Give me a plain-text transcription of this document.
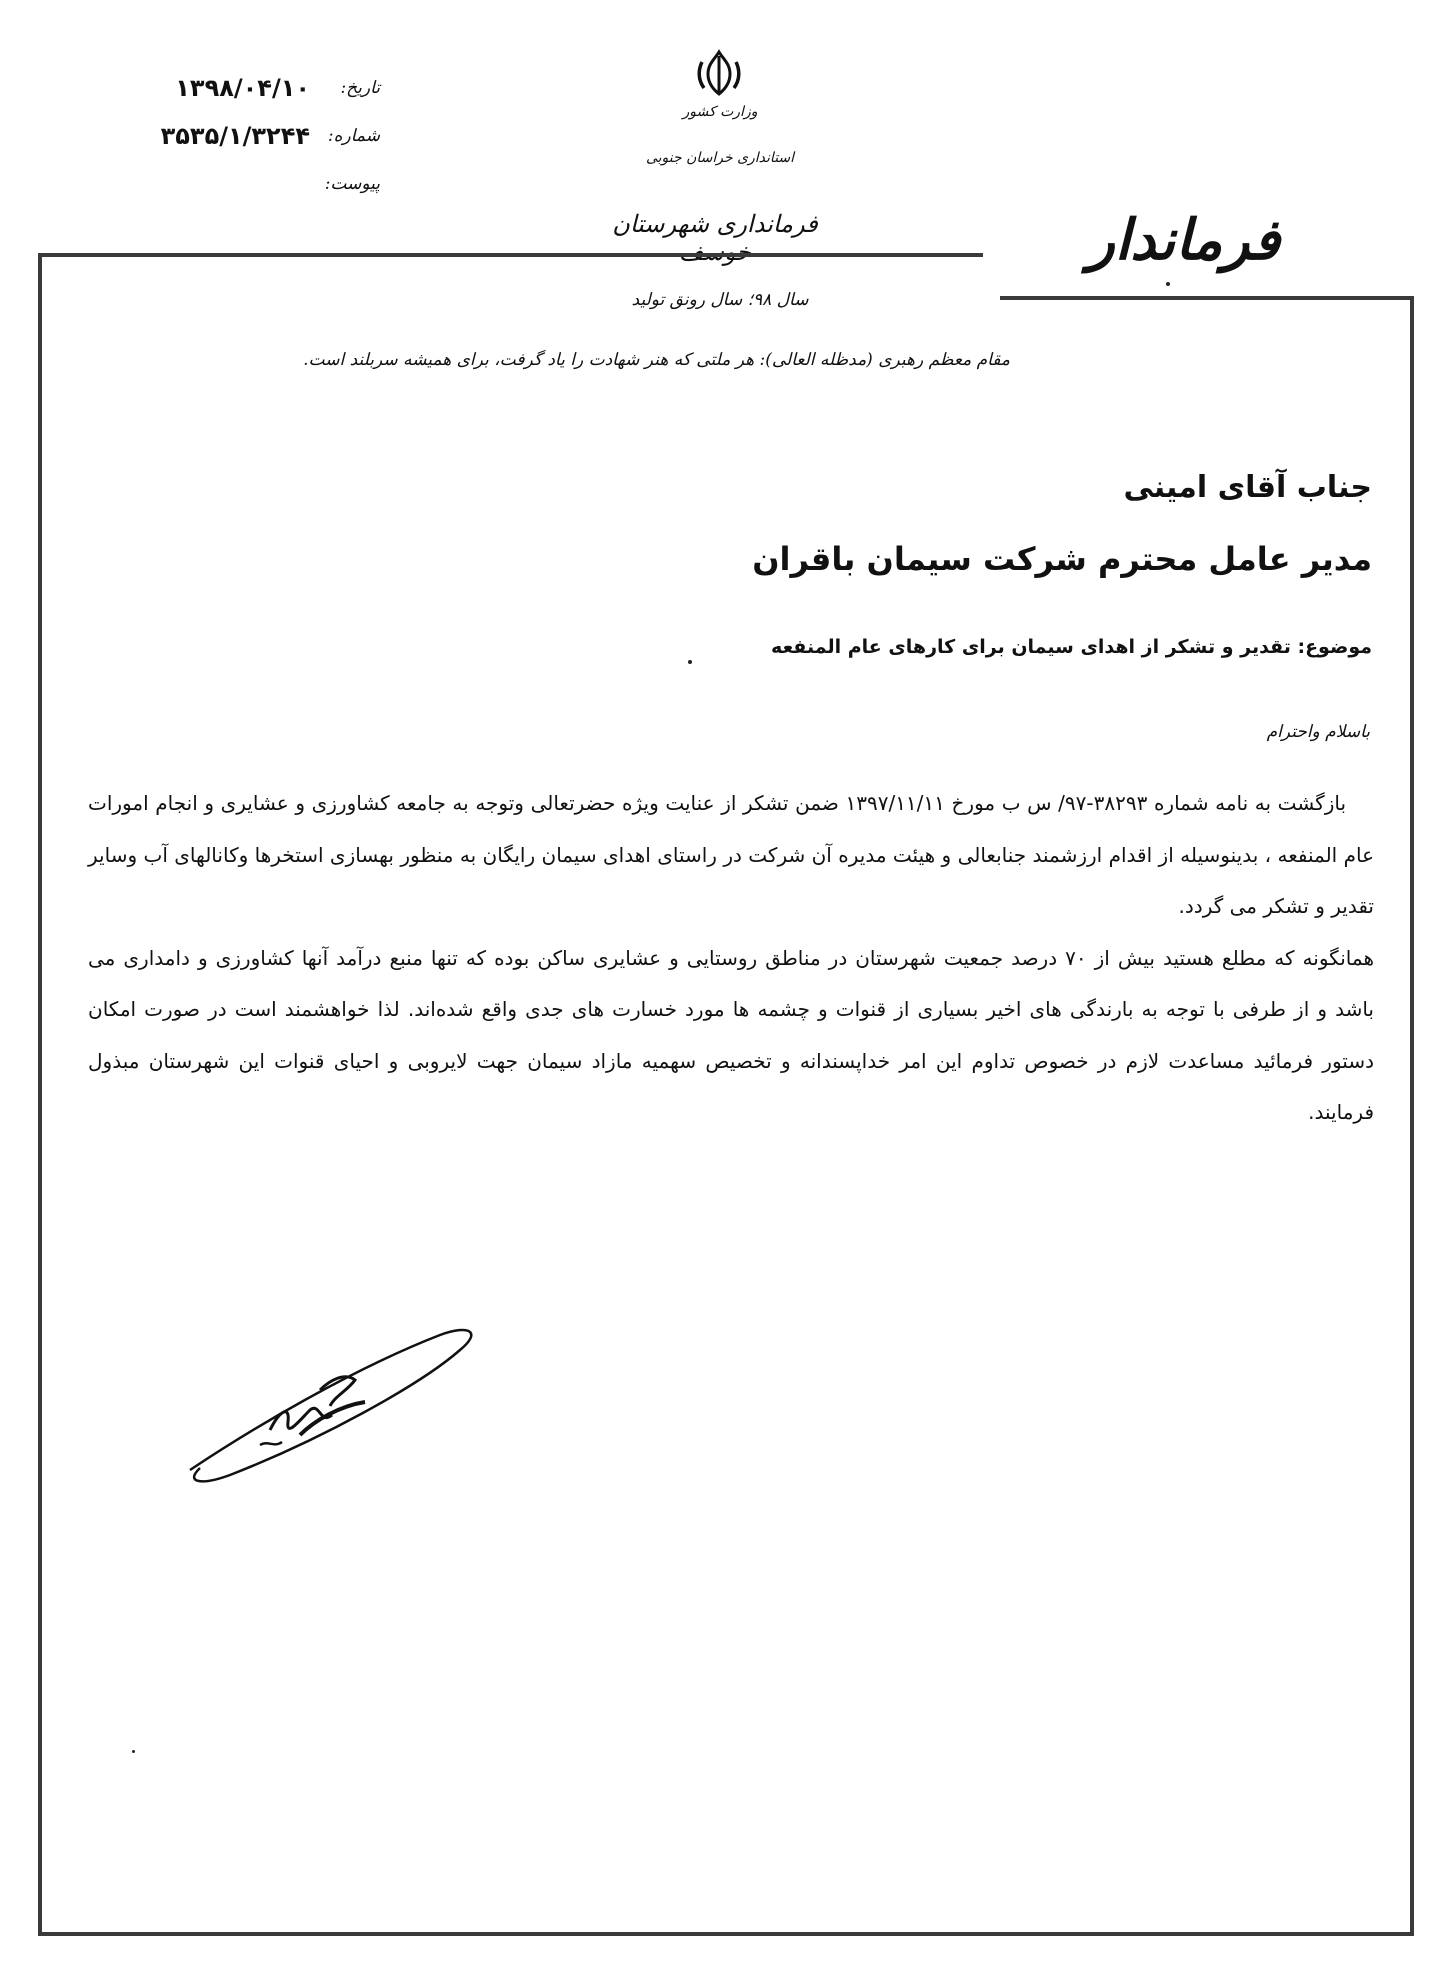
وزارت کشور
استانداری خراسان جنوبی
فرمانداری شهرستان خوسف	فرماندار
۱۳۹۸/۰۴/۱۰ تاریخ:
۳۵۳۵/۱/۳۲۴۴ شماره:
پیوست:
سال ۹۸؛ سال رونق تولید
مقام معظم رهبری (مدظله العالی): هر ملتی که هنر شهادت را یاد گرفت، برای همیشه سربلند است.
جناب آقای امینی
مدیر عامل محترم شرکت سیمان باقران
موضوع: تقدیر و تشکر از اهدای سیمان برای کارهای عام المنفعه
باسلام واحترام

بازگشت به نامه شماره ۳۸۲۹۳-۹۷/ س ب مورخ ۱۳۹۷/۱۱/۱۱ ضمن تشکر از عنایت ویژه حضرتعالی وتوجه به جامعه کشاورزی و عشایری و انجام امورات عام المنفعه ، بدینوسیله از اقدام ارزشمند جنابعالی و هیئت مدیره آن شرکت در راستای اهدای سیمان رایگان به منظور بهسازی استخرها وکانالهای آب وسایر تقدیر و تشکر می گردد.

همانگونه که مطلع هستید بیش از ۷۰ درصد جمعیت شهرستان در مناطق روستایی و عشایری ساکن بوده که تنها منبع درآمد آنها کشاورزی و دامداری می باشد و از طرفی با توجه به بارندگی های اخیر بسیاری از قنوات و چشمه ها مورد خسارت های جدی واقع شده‌اند. لذا خواهشمند است در صورت امکان دستور فرمائید مساعدت لازم در خصوص تداوم این امر خداپسندانه و تخصیص سهمیه مازاد سیمان جهت لایروبی و احیای قنوات این شهرستان مبذول فرمایند.
